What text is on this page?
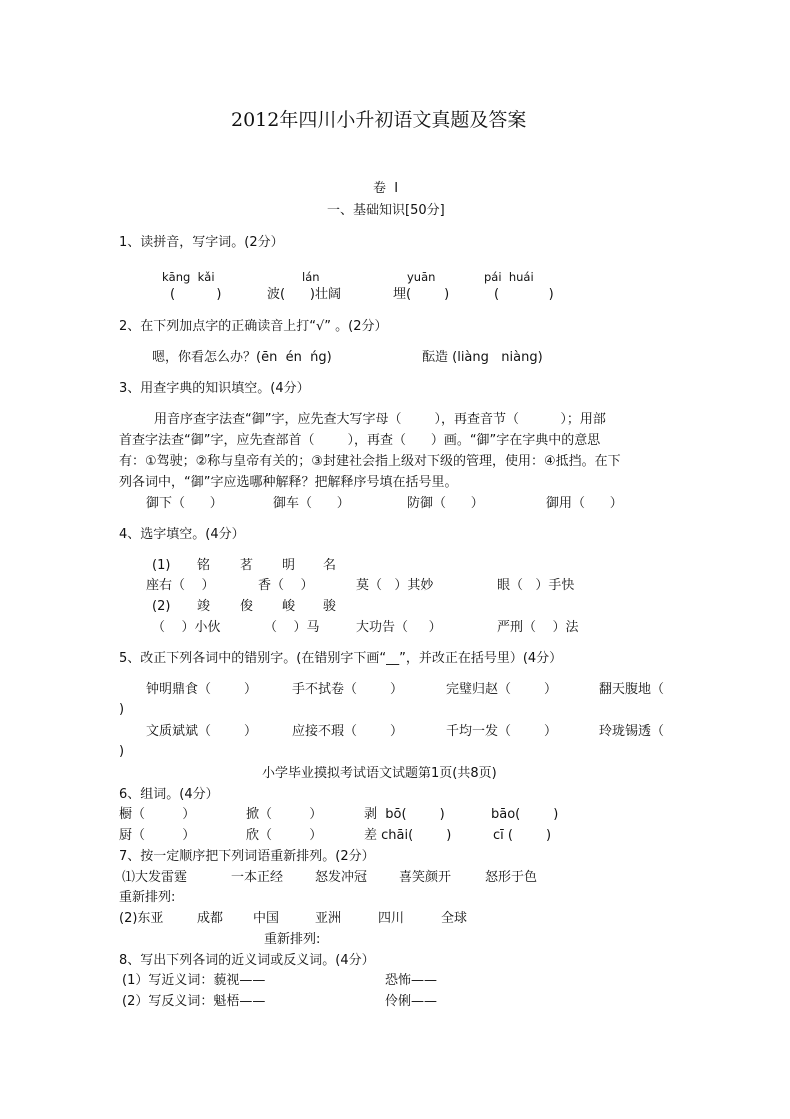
2012年四川小升初语文真题及答案
卷  I
一、基础知识[50分]
1、读拼音，写字词。(2分）
kāng  kǎi	lán	yuān	pái  huái
(          )	波(      )壮阔	埋(        )	(            )
2、在下列加点字的正确读音上打“√” 。(2分）
嗯，你看怎么办？(ēn  én  ńg)	酝造 (liàng   niàng)
3、用查字典的知识填空。(4分）
用音序查字法查“御”字，应先查大写字母（        ），再查音节（          ）；用部
首查字法查“御”字，应先查部首（        ），再查（      ）画。“御”字在字典中的意思
有：①驾驶；②称与皇帝有关的；③封建社会指上级对下级的管理，使用：④抵挡。在下
列各词中，“御”字应选哪种解释？把解释序号填在括号里。
御下（      ）	御车（      ）	防御（      ）	御用（      ）
4、选字填空。(4分）
(1) 铭 茗 明 名
座右（    ）	香（    ）	莫（   ）其妙	眼（   ）手快
(2) 竣 俊 峻 骏
（    ）小伙	（    ）马	大功告（     ）	严刑（    ）法
5、改正下列各词中的错别字。(在错别字下画“__”，并改正在括号里）(4分）
钟明鼎食（        ）	手不拭卷（        ）	完璧归赵（        ）	翻天腹地（
)
文质斌斌（        ）	应接不瑕（        ）	千均一发（        ）	玲珑锡透（
)
小学毕业摸拟考试语文试题第1页(共8页)
6、组词。(4分）
橱（         ）	掀（         ）	剥  bō(        )	bāo(        )
厨（         ）	欣（         ）	差 chāi(        )	cī (        )
7、按一定顺序把下列词语重新排列。(2分）
⑴大发雷霆	一本正经 怒发冲冠 喜笑颜开	怒形于色
重新排列:
(2)东亚	成都 中国	亚洲	四川	全球
重新排列:
8、写出下列各词的近义词或反义词。(4分）
(1）写近义词：藐视——	恐怖——
(2）写反义词：魁梧——	伶俐——
